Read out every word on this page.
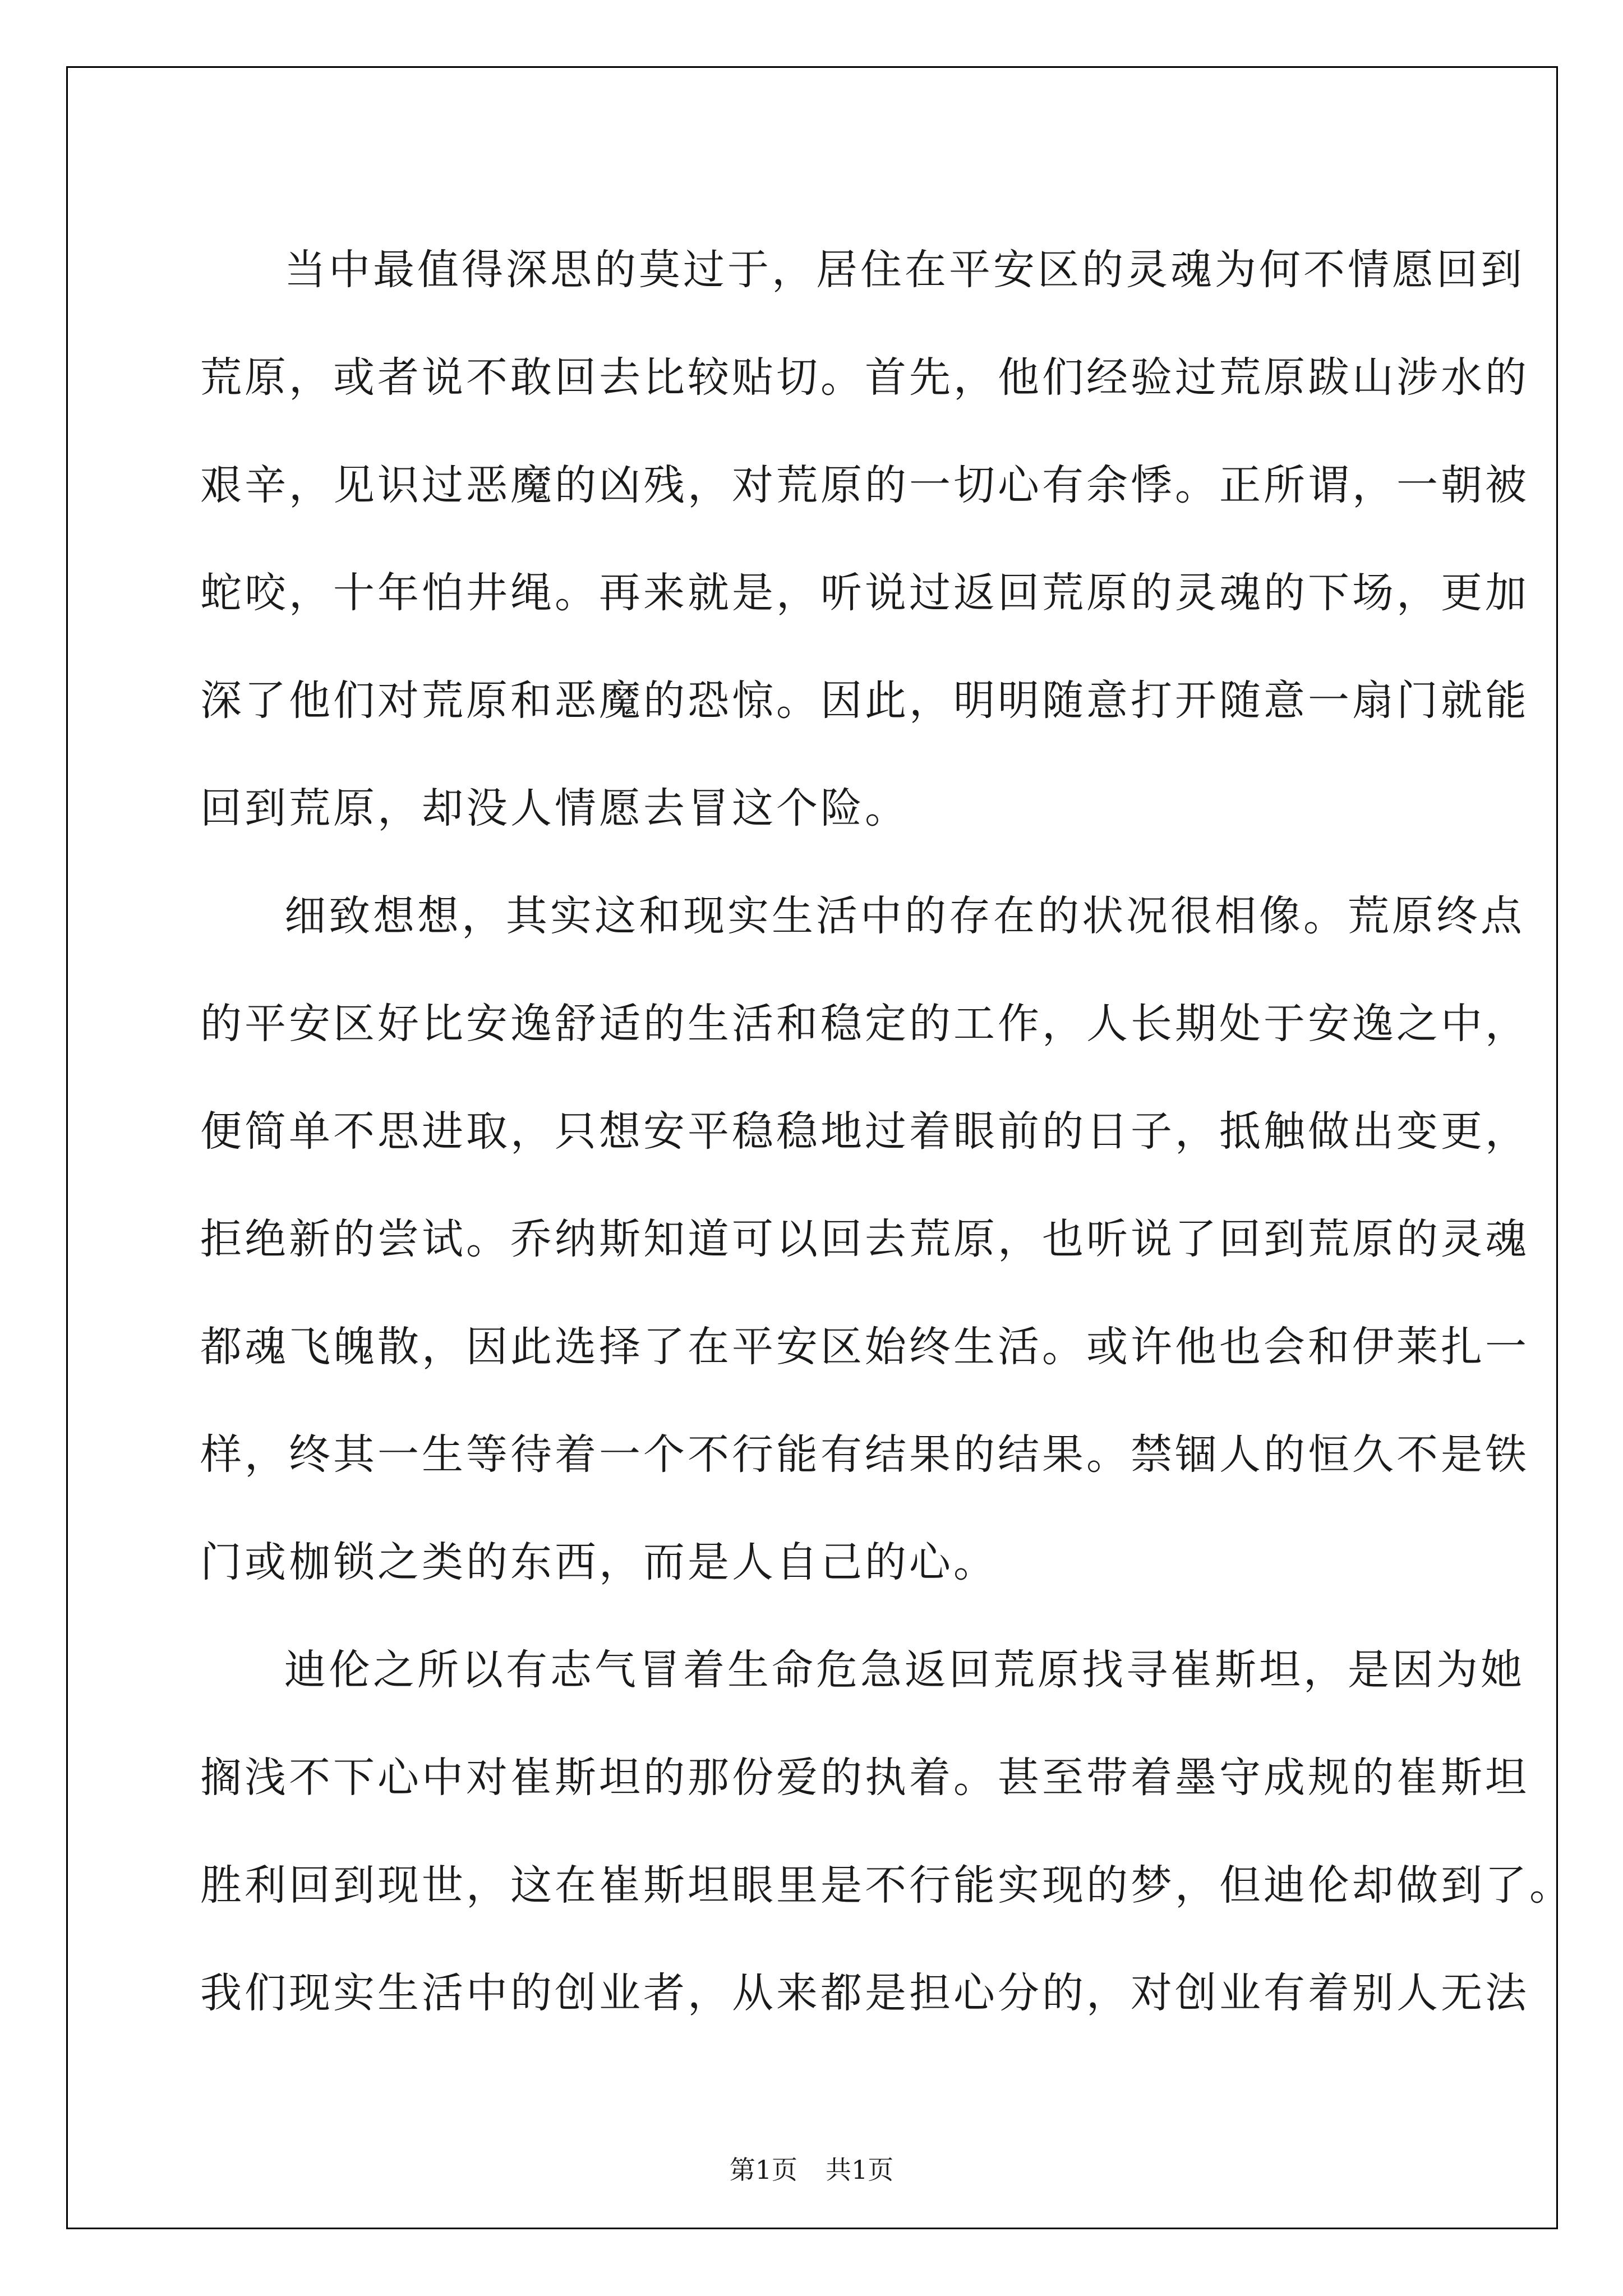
当中最值得深思的莫过于，居住在平安区的灵魂为何不情愿回到
荒原，或者说不敢回去比较贴切。首先，他们经验过荒原跋山涉水的
艰辛，见识过恶魔的凶残，对荒原的一切心有余悸。正所谓，一朝被
蛇咬，十年怕井绳。再来就是，听说过返回荒原的灵魂的下场，更加
深了他们对荒原和恶魔的恐惊。因此，明明随意打开随意一扇门就能
回到荒原，却没人情愿去冒这个险。
细致想想，其实这和现实生活中的存在的状况很相像。荒原终点
的平安区好比安逸舒适的生活和稳定的工作，人长期处于安逸之中，
便简单不思进取，只想安平稳稳地过着眼前的日子，抵触做出变更，
拒绝新的尝试。乔纳斯知道可以回去荒原，也听说了回到荒原的灵魂
都魂飞魄散，因此选择了在平安区始终生活。或许他也会和伊莱扎一
样，终其一生等待着一个不行能有结果的结果。禁锢人的恒久不是铁
门或枷锁之类的东西，而是人自己的心。
迪伦之所以有志气冒着生命危急返回荒原找寻崔斯坦，是因为她
搁浅不下心中对崔斯坦的那份爱的执着。甚至带着墨守成规的崔斯坦
胜利回到现世，这在崔斯坦眼里是不行能实现的梦，但迪伦却做到了。
我们现实生活中的创业者，从来都是担心分的，对创业有着别人无法
第1页 共1页
